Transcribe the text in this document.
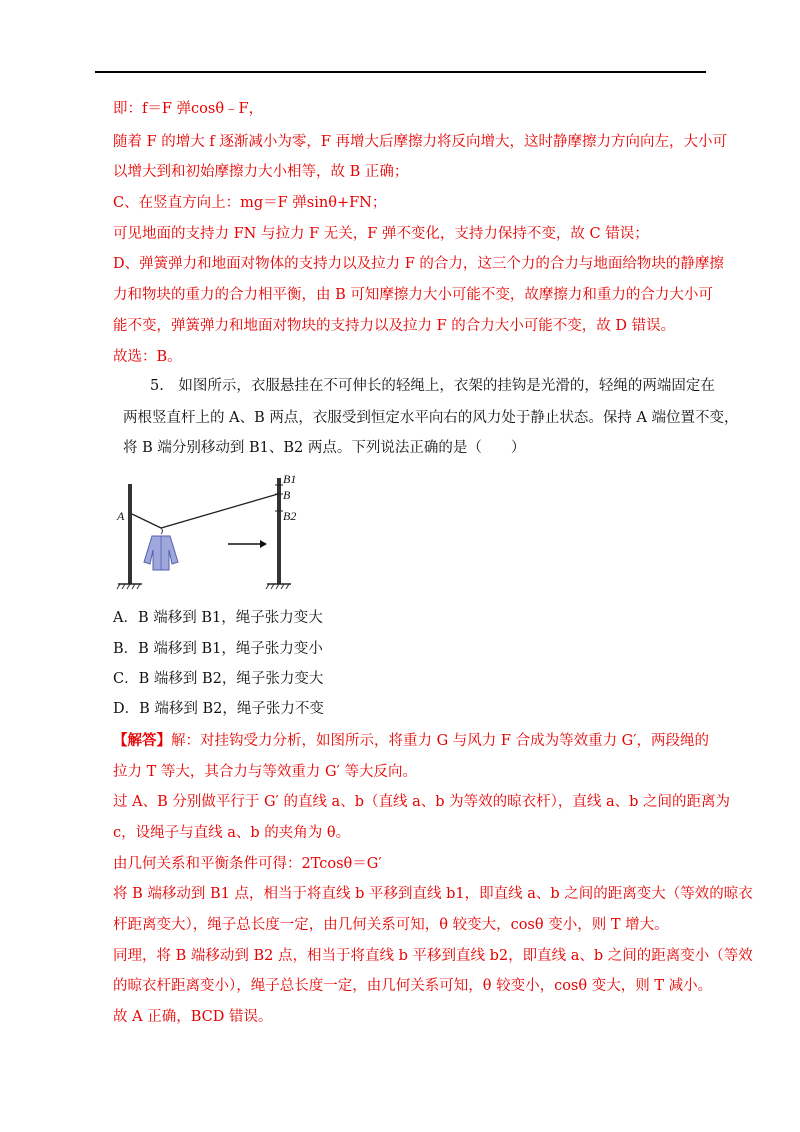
即：f＝F 弹cosθ﹣F，
随着 F 的增大 f 逐渐减小为零，F 再增大后摩擦力将反向增大，这时静摩擦力方向向左，大小可
以增大到和初始摩擦力大小相等，故 B 正确；
C、在竖直方向上：mg＝F 弹sinθ+FN；
可见地面的支持力 FN 与拉力 F 无关，F 弹不变化，支持力保持不变，故 C 错误；
D、弹簧弹力和地面对物体的支持力以及拉力 F 的合力，这三个力的合力与地面给物块的静摩擦
力和物块的重力的合力相平衡，由 B 可知摩擦力大小可能不变，故摩擦力和重力的合力大小可
能不变，弹簧弹力和地面对物块的支持力以及拉力 F 的合力大小可能不变，故 D 错误。
故选：B。
5.　如图所示，衣服悬挂在不可伸长的轻绳上，衣架的挂钩是光滑的，轻绳的两端固定在
两根竖直杆上的 A、B 两点，衣服受到恒定水平向右的风力处于静止状态。保持 A 端位置不变，
将 B 端分别移动到 B1、B2 两点。下列说法正确的是（　　）
A
B1
B
B2
A．B 端移到 B1，绳子张力变大
B．B 端移到 B1，绳子张力变小
C．B 端移到 B2，绳子张力变大
D．B 端移到 B2，绳子张力不变
【解答】解：对挂钩受力分析，如图所示，将重力 G 与风力 F 合成为等效重力 G′，两段绳的
拉力 T 等大，其合力与等效重力 G′ 等大反向。
过 A、B 分别做平行于 G′ 的直线 a、b（直线 a、b 为等效的晾衣杆），直线 a、b 之间的距离为
c，设绳子与直线 a、b 的夹角为 θ。
由几何关系和平衡条件可得：2Tcosθ＝G′
将 B 端移动到 B1 点，相当于将直线 b 平移到直线 b1，即直线 a、b 之间的距离变大（等效的晾衣
杆距离变大），绳子总长度一定，由几何关系可知，θ 较变大，cosθ 变小，则 T 增大。
同理，将 B 端移动到 B2 点，相当于将直线 b 平移到直线 b2，即直线 a、b 之间的距离变小（等效
的晾衣杆距离变小），绳子总长度一定，由几何关系可知，θ 较变小，cosθ 变大，则 T 减小。
故 A 正确，BCD 错误。
